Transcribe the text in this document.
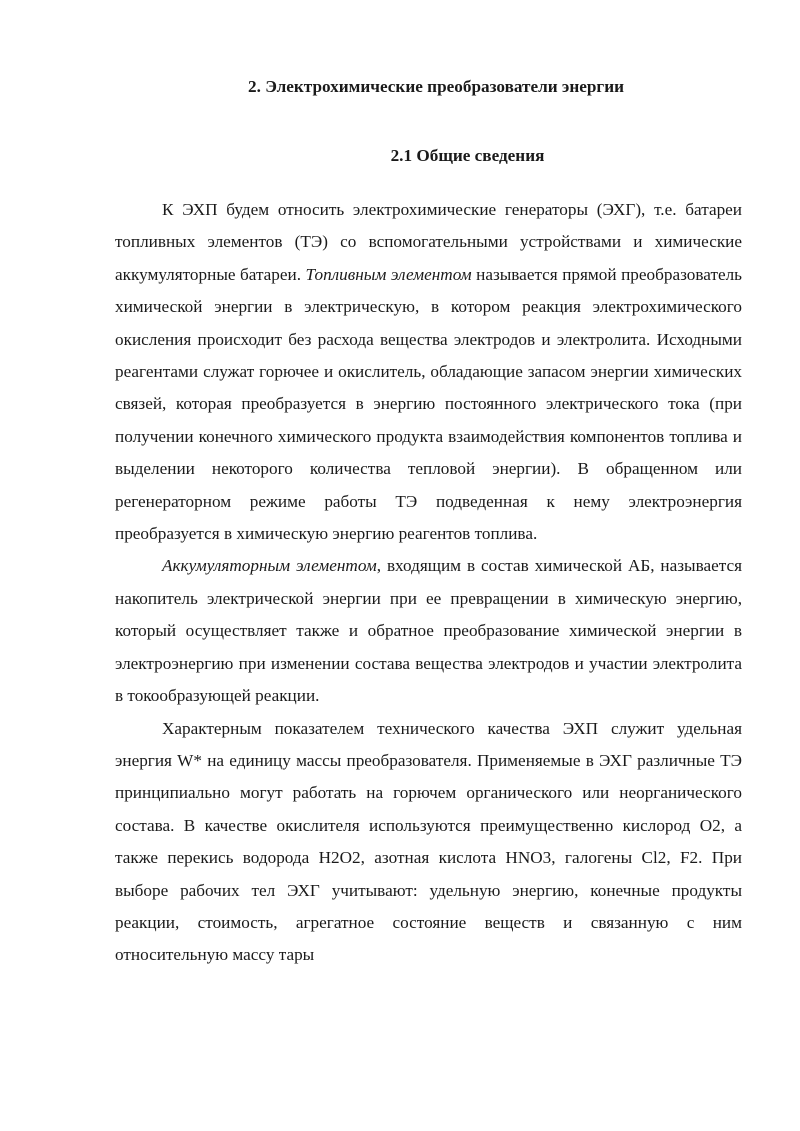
2. Электрохимические преобразователи энергии
2.1 Общие сведения

К ЭХП будем относить электрохимические генераторы (ЭХГ), т.е. батареи топливных элементов (ТЭ) со вспомогательными устройствами и химические аккумуляторные батареи. Топливным элементом называется прямой преобразователь химической энергии в электрическую, в котором реакция электрохимического окисления происходит без расхода вещества электродов и электролита. Исходными реагентами служат горючее и окислитель, обладающие запасом энергии химических связей, которая преобразуется в энергию постоянного электрического тока (при получении конечного химического продукта взаимодействия компонентов топлива и выделении некоторого количества тепловой энергии). В обращенном или регенераторном режиме работы ТЭ подведенная к нему электроэнергия преобразуется в химическую энергию реагентов топлива.

Аккумуляторным элементом, входящим в состав химической АБ, называется накопитель электрической энергии при ее превращении в химическую энергию, который осуществляет также и обратное преобразование химической энергии в электроэнергию при изменении состава вещества электродов и участии электролита в токообразующей реакции.

Характерным показателем технического качества ЭХП служит удельная энергия W* на единицу массы преобразователя. Применяемые в ЭХГ различные ТЭ принципиально могут работать на горючем органического или неорганического состава. В качестве окислителя используются преимущественно кислород О2, а также перекись водорода Н2О2, азотная кислота HNO3, галогены Cl2, F2. При выборе рабочих тел ЭХГ учитывают: удельную энергию, конечные продукты реакции, стоимость, агрегатное состояние веществ и связанную с ним относительную массу тары
